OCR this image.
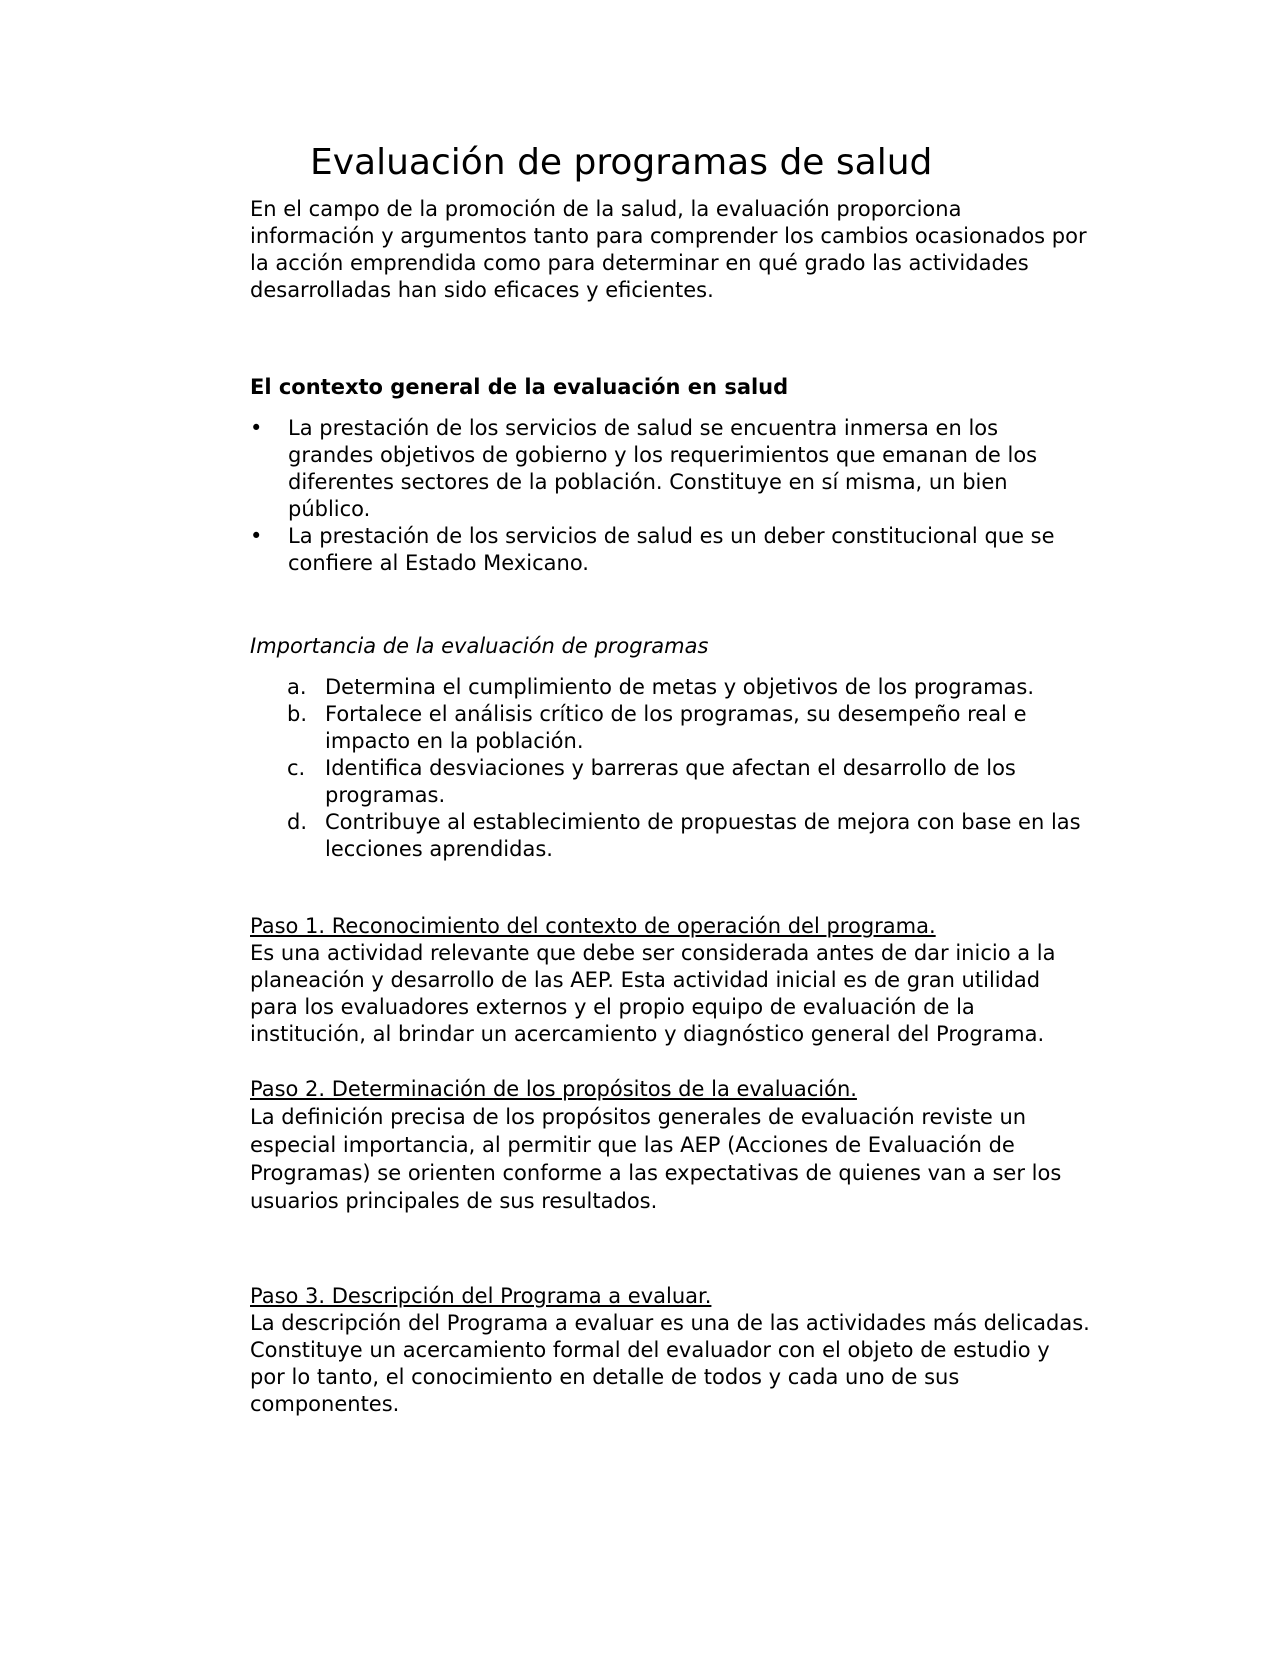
Evaluación de programas de salud

En el campo de la promoción de la salud, la evaluación proporciona información y argumentos tanto para comprender los cambios ocasionados por la acción emprendida como para determinar en qué grado las actividades desarrolladas han sido eficaces y eficientes.

El contexto general de la evaluación en salud

• La prestación de los servicios de salud se encuentra inmersa en los grandes objetivos de gobierno y los requerimientos que emanan de los diferentes sectores de la población. Constituye en sí misma, un bien público.
• La prestación de los servicios de salud es un deber constitucional que se confiere al Estado Mexicano.

Importancia de la evaluación de programas

a. Determina el cumplimiento de metas y objetivos de los programas.
b. Fortalece el análisis crítico de los programas, su desempeño real e impacto en la población.
c. Identifica desviaciones y barreras que afectan el desarrollo de los programas.
d. Contribuye al establecimiento de propuestas de mejora con base en las lecciones aprendidas.
Paso 1. Reconocimiento del contexto de operación del programa.

Es una actividad relevante que debe ser considerada antes de dar inicio a la planeación y desarrollo de las AEP. Esta actividad inicial es de gran utilidad para los evaluadores externos y el propio equipo de evaluación de la institución, al brindar un acercamiento y diagnóstico general del Programa.

Paso 2. Determinación de los propósitos de la evaluación.

La definición precisa de los propósitos generales de evaluación reviste un especial importancia, al permitir que las AEP (Acciones de Evaluación de Programas) se orienten conforme a las expectativas de quienes van a ser los usuarios principales de sus resultados.

Paso 3. Descripción del Programa a evaluar.

La descripción del Programa a evaluar es una de las actividades más delicadas. Constituye un acercamiento formal del evaluador con el objeto de estudio y por lo tanto, el conocimiento en detalle de todos y cada uno de sus componentes.
